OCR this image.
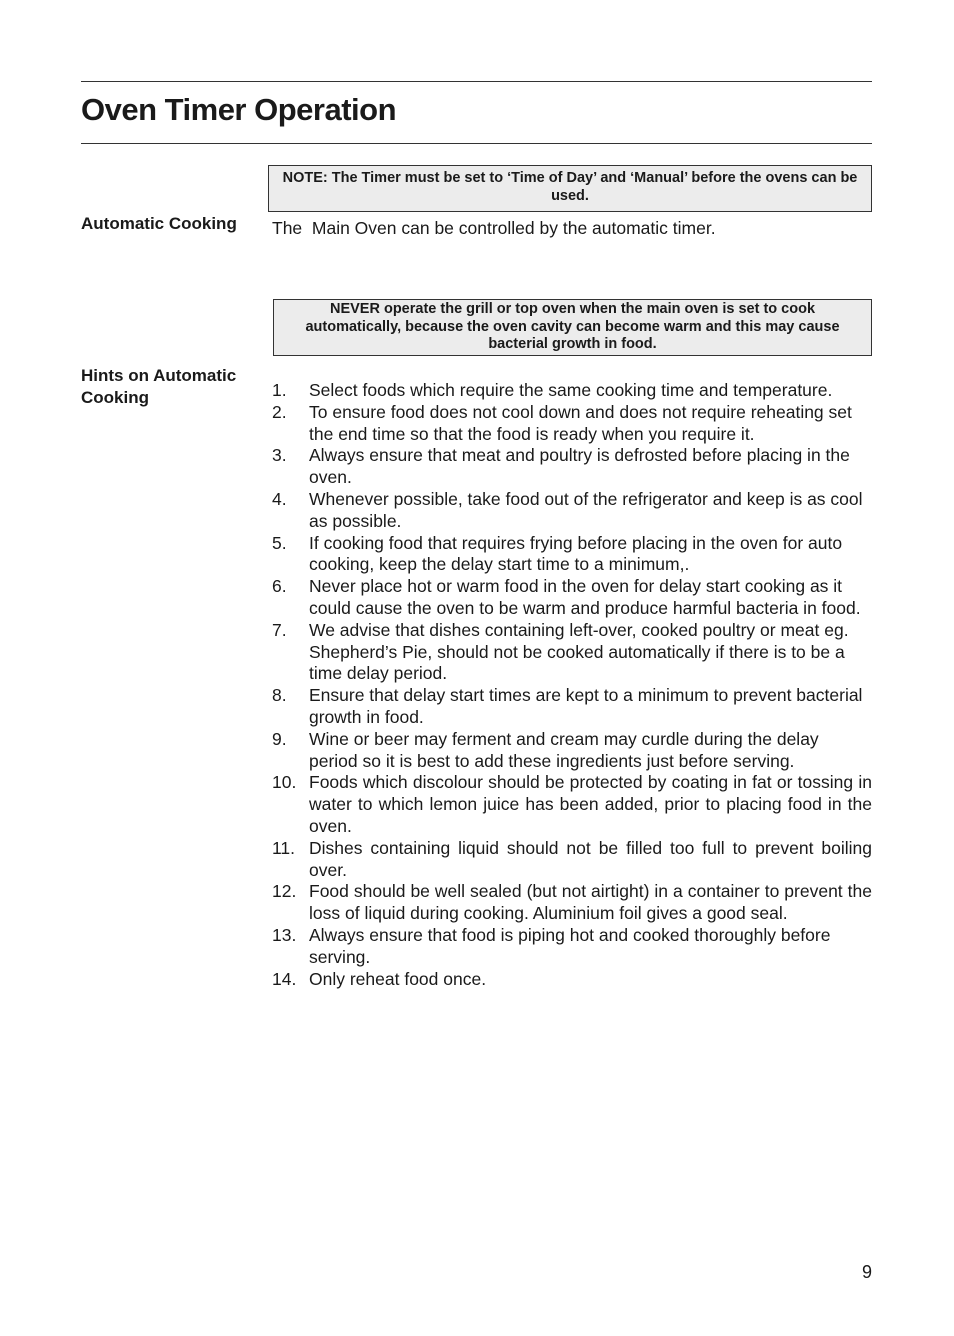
Oven Timer Operation
NOTE: The Timer must be set to ‘Time of Day’ and ‘Manual’ before the ovens can be used.
Automatic Cooking The  Main Oven can be controlled by the automatic timer.

NEVER operate the grill or top oven when the main oven is set to cook automatically, because the oven cavity can become warm and this may cause bacterial growth in food.
Hints on Automatic Cooking	1. Select foods which require the same cooking time and temperature.
2. To ensure food does not cool down and does not require reheating set the end time so that the food is ready when you require it.
3. Always ensure that meat and poultry is defrosted before placing in the oven.
4. Whenever possible, take food out of the refrigerator and keep is as cool as possible.
5. If cooking food that requires frying before placing in the oven for auto cooking, keep the delay start time to a minimum,.
6. Never place hot or warm food in the oven for delay start cooking as it could cause the oven to be warm and produce harmful bacteria in food.
7. We advise that dishes containing left-over, cooked poultry or meat eg. Shepherd’s Pie, should not be cooked automatically if there is to be a time delay period.
8. Ensure that delay start times are kept to a minimum to prevent bacterial growth in food.
9. Wine or beer may ferment and cream may curdle during the delay period so it is best to add these ingredients just before serving.
10. Foods which discolour should be protected by coating in fat or tossing in water to which lemon juice has been added, prior to placing food in the oven.
11. Dishes containing liquid should not be filled too full to prevent boiling over.
12. Food should be well sealed (but not airtight) in a container to prevent the loss of liquid during cooking. Aluminium foil gives a good seal.
13. Always ensure that food is piping hot and cooked thoroughly before serving.
14. Only reheat food once.
9
